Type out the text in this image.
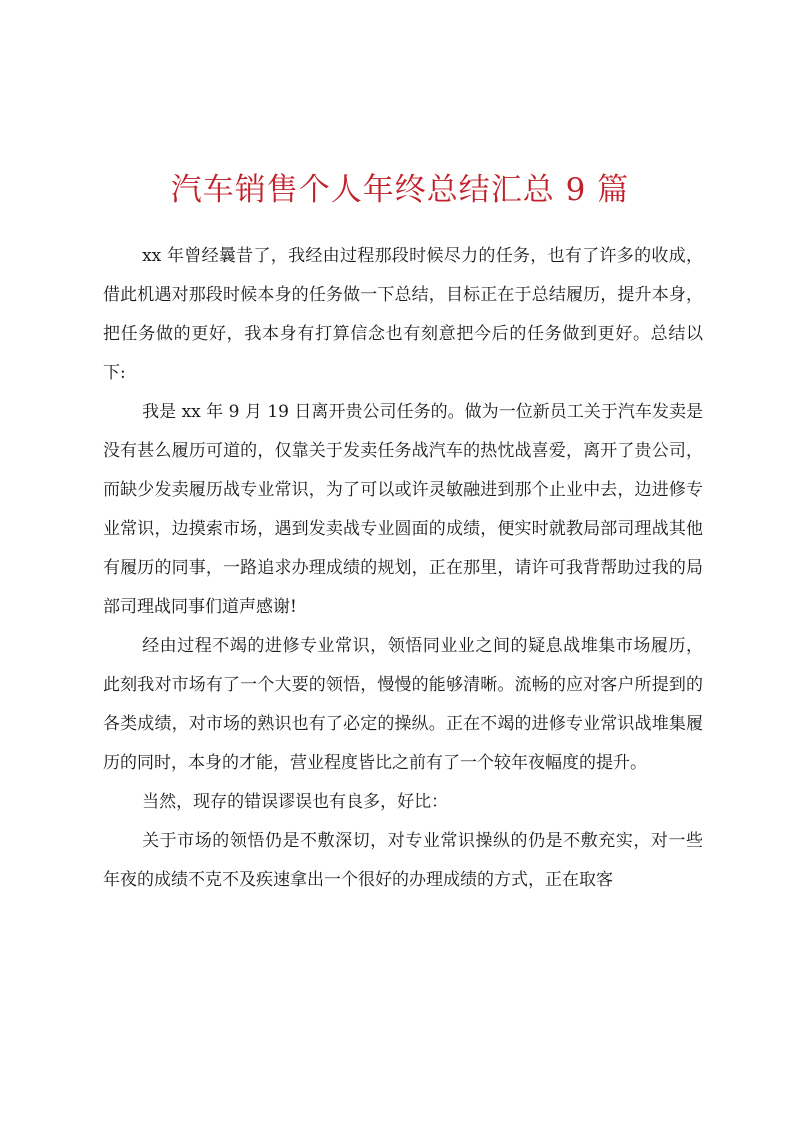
汽车销售个人年终总结汇总 9 篇

xx 年曾经曩昔了，我经由过程那段时候尽力的任务，也有了许多的收成，借此机遇对那段时候本身的任务做一下总结，目标正在于总结履历，提升本身，把任务做的更好，我本身有打算信念也有刻意把今后的任务做到更好。总结以下:

我是 xx 年 9 月 19 日离开贵公司任务的。做为一位新员工关于汽车发卖是没有甚么履历可道的，仅靠关于发卖任务战汽车的热忱战喜爱，离开了贵公司，而缺少发卖履历战专业常识，为了可以或许灵敏融进到那个止业中去，边进修专业常识，边摸索市场，遇到发卖战专业圆面的成绩，便实时就教局部司理战其他有履历的同事，一路追求办理成绩的规划，正在那里，请许可我背帮助过我的局部司理战同事们道声感谢!

经由过程不竭的进修专业常识，领悟同业业之间的疑息战堆集市场履历，此刻我对市场有了一个大要的领悟，慢慢的能够清晰。流畅的应对客户所提到的各类成绩，对市场的熟识也有了必定的操纵。正在不竭的进修专业常识战堆集履历的同时，本身的才能，营业程度皆比之前有了一个较年夜幅度的提升。

当然，现存的错误谬误也有良多，好比：

关于市场的领悟仍是不敷深切，对专业常识操纵的仍是不敷充实，对一些年夜的成绩不克不及疾速拿出一个很好的办理成绩的方式，正在取客
